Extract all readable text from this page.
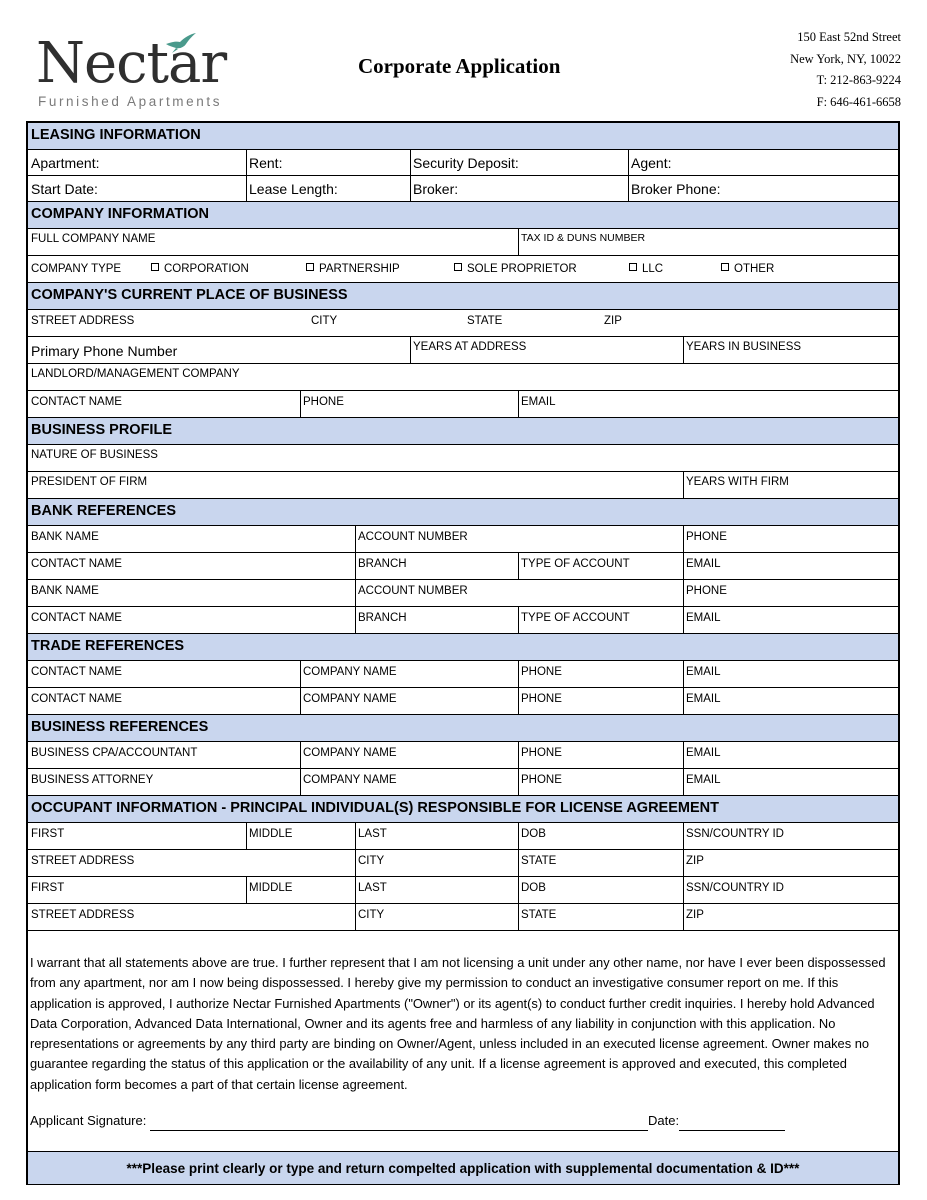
Nectar
Furnished Apartments
Corporate Application
150 East 52nd Street
New York, NY, 10022
T: 212-863-9224
F: 646-461-6658
LEASING INFORMATION
Apartment:	Rent:	Security Deposit:	Agent:
Start Date:	Lease Length:	Broker:	Broker Phone:
COMPANY INFORMATION
FULL COMPANY NAME	TAX ID & DUNS NUMBER
COMPANY TYPE	CORPORATION	PARTNERSHIP	SOLE PROPRIETOR	LLC	OTHER
COMPANY'S CURRENT PLACE OF BUSINESS
STREET ADDRESS	CITY	STATE	ZIP
Primary Phone Number	YEARS AT ADDRESS	YEARS IN BUSINESS
LANDLORD/MANAGEMENT COMPANY
CONTACT NAME	PHONE	EMAIL
BUSINESS PROFILE
NATURE OF BUSINESS
PRESIDENT OF FIRM	YEARS WITH FIRM
BANK REFERENCES
BANK NAME	ACCOUNT NUMBER	PHONE
CONTACT NAME	BRANCH	TYPE OF ACCOUNT	EMAIL
BANK NAME	ACCOUNT NUMBER	PHONE
CONTACT NAME	BRANCH	TYPE OF ACCOUNT	EMAIL
TRADE REFERENCES
CONTACT NAME	COMPANY NAME	PHONE	EMAIL
CONTACT NAME	COMPANY NAME	PHONE	EMAIL
BUSINESS REFERENCES
BUSINESS CPA/ACCOUNTANT	COMPANY NAME	PHONE	EMAIL
BUSINESS ATTORNEY	COMPANY NAME	PHONE	EMAIL
OCCUPANT INFORMATION - PRINCIPAL INDIVIDUAL(S) RESPONSIBLE FOR LICENSE AGREEMENT
FIRST	MIDDLE	LAST	DOB	SSN/COUNTRY ID
STREET ADDRESS	CITY	STATE	ZIP
FIRST	MIDDLE	LAST	DOB	SSN/COUNTRY ID
STREET ADDRESS	CITY	STATE	ZIP
I warrant that all statements above are true. I further represent that I am not licensing a unit under any other name, nor have I ever been dispossessed from any apartment, nor am I now being dispossessed. I hereby give my permission to conduct an investigative consumer report on me. If this application is approved, I authorize Nectar Furnished Apartments ("Owner") or its agent(s) to conduct further credit inquiries. I hereby hold Advanced Data Corporation, Advanced Data International, Owner and its agents free and harmless of any liability in conjunction with this application. No representations or agreements by any third party are binding on Owner/Agent, unless included in an executed license agreement. Owner makes no guarantee regarding the status of this application or the availability of any unit. If a license agreement is approved and executed, this completed application form becomes a part of that certain license agreement.
Applicant Signature:	Date:
***Please print clearly or type and return compelted application with supplemental documentation & ID***
